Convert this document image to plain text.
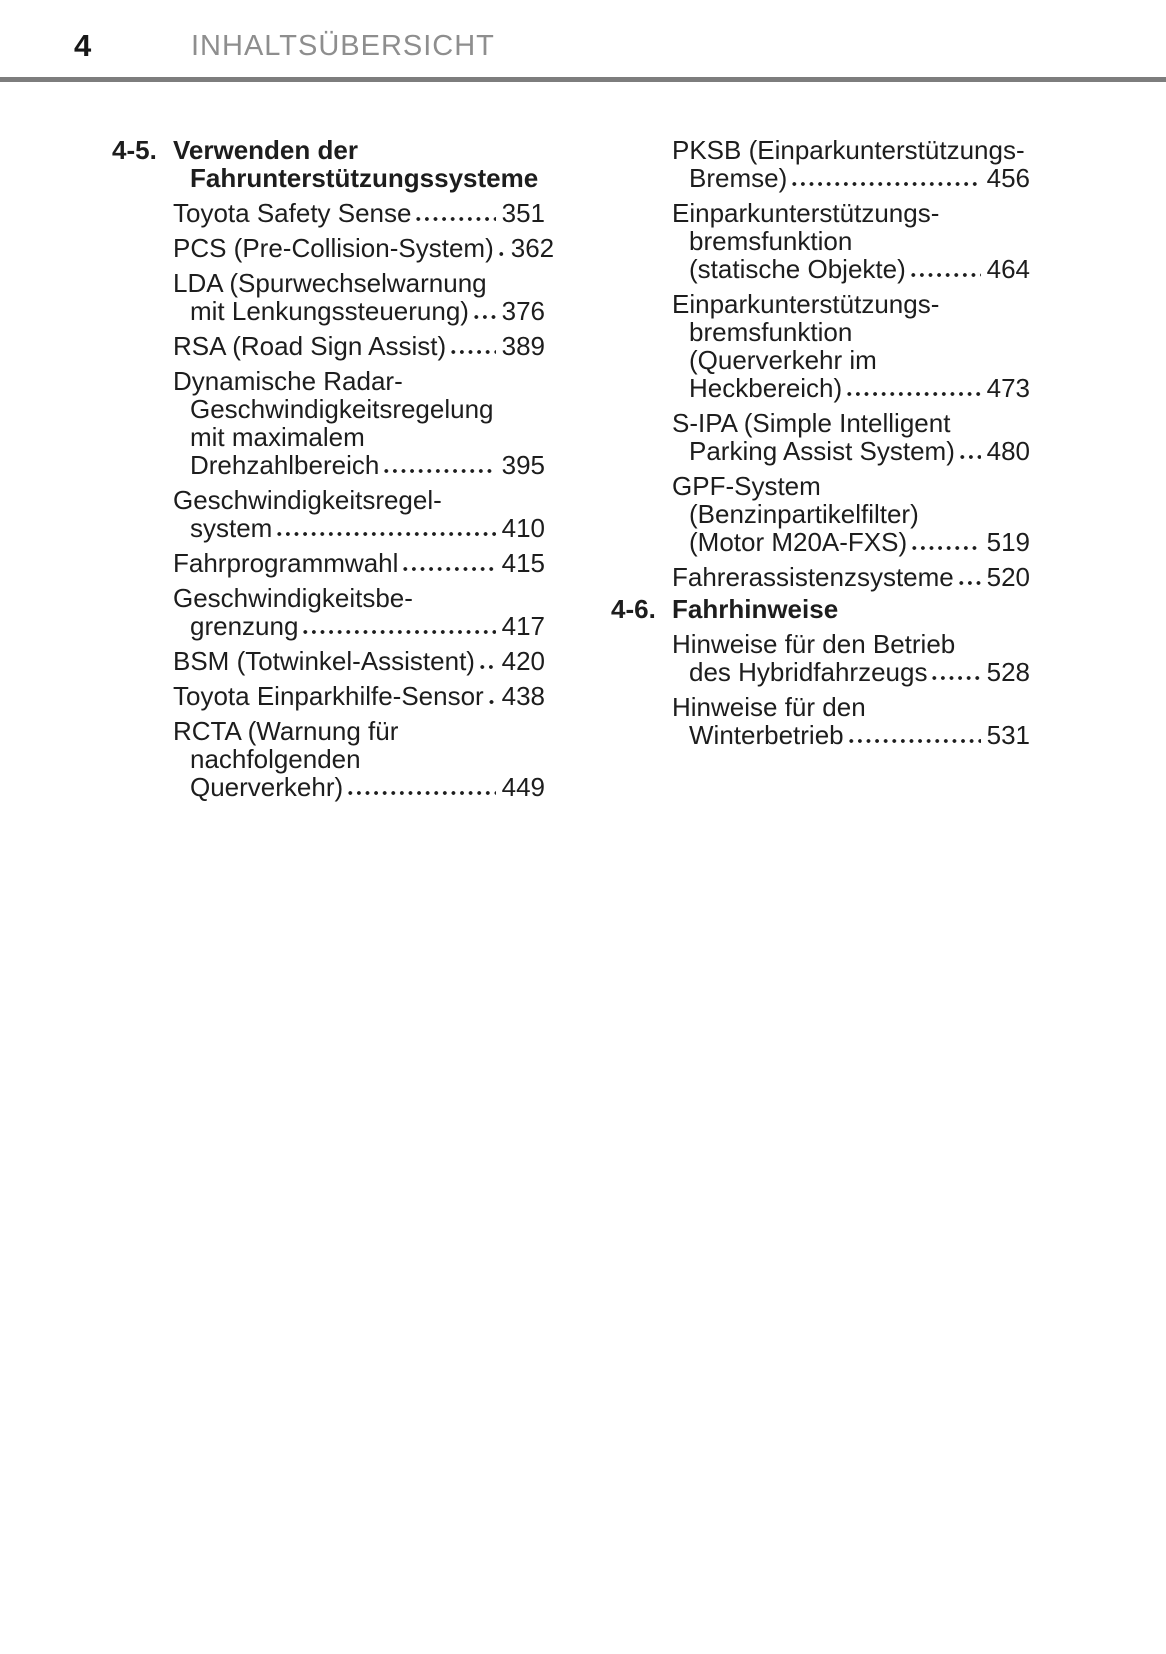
4	INHALTSÜBERSICHT
4-5. Verwenden der
Fahrunterstützungssysteme
Toyota Safety Sense	351
PCS (Pre-Collision-System) 362
LDA (Spurwechselwarnung
mit Lenkungssteuerung) 376
RSA (Road Sign Assist) 389
Dynamische Radar-
Geschwindigkeitsregelung
mit maximalem
Drehzahlbereich	395
Geschwindigkeitsregel-
system	410
Fahrprogrammwahl	415
Geschwindigkeitsbe-
grenzung	417
BSM (Totwinkel-Assistent) 420
Toyota Einparkhilfe-Sensor 438
RCTA (Warnung für
nachfolgenden
Querverkehr)	449
PKSB (Einparkunterstützungs-
Bremse)	456
Einparkunterstützungs-
bremsfunktion
(statische Objekte)	464
Einparkunterstützungs-
bremsfunktion
(Querverkehr im
Heckbereich)	473
S-IPA (Simple Intelligent
Parking Assist System) 480
GPF-System
(Benzinpartikelfilter)
(Motor M20A-FXS)	519
Fahrerassistenzsysteme 520
4-6. Fahrhinweise
Hinweise für den Betrieb
des Hybridfahrzeugs 528
Hinweise für den
Winterbetrieb	531
